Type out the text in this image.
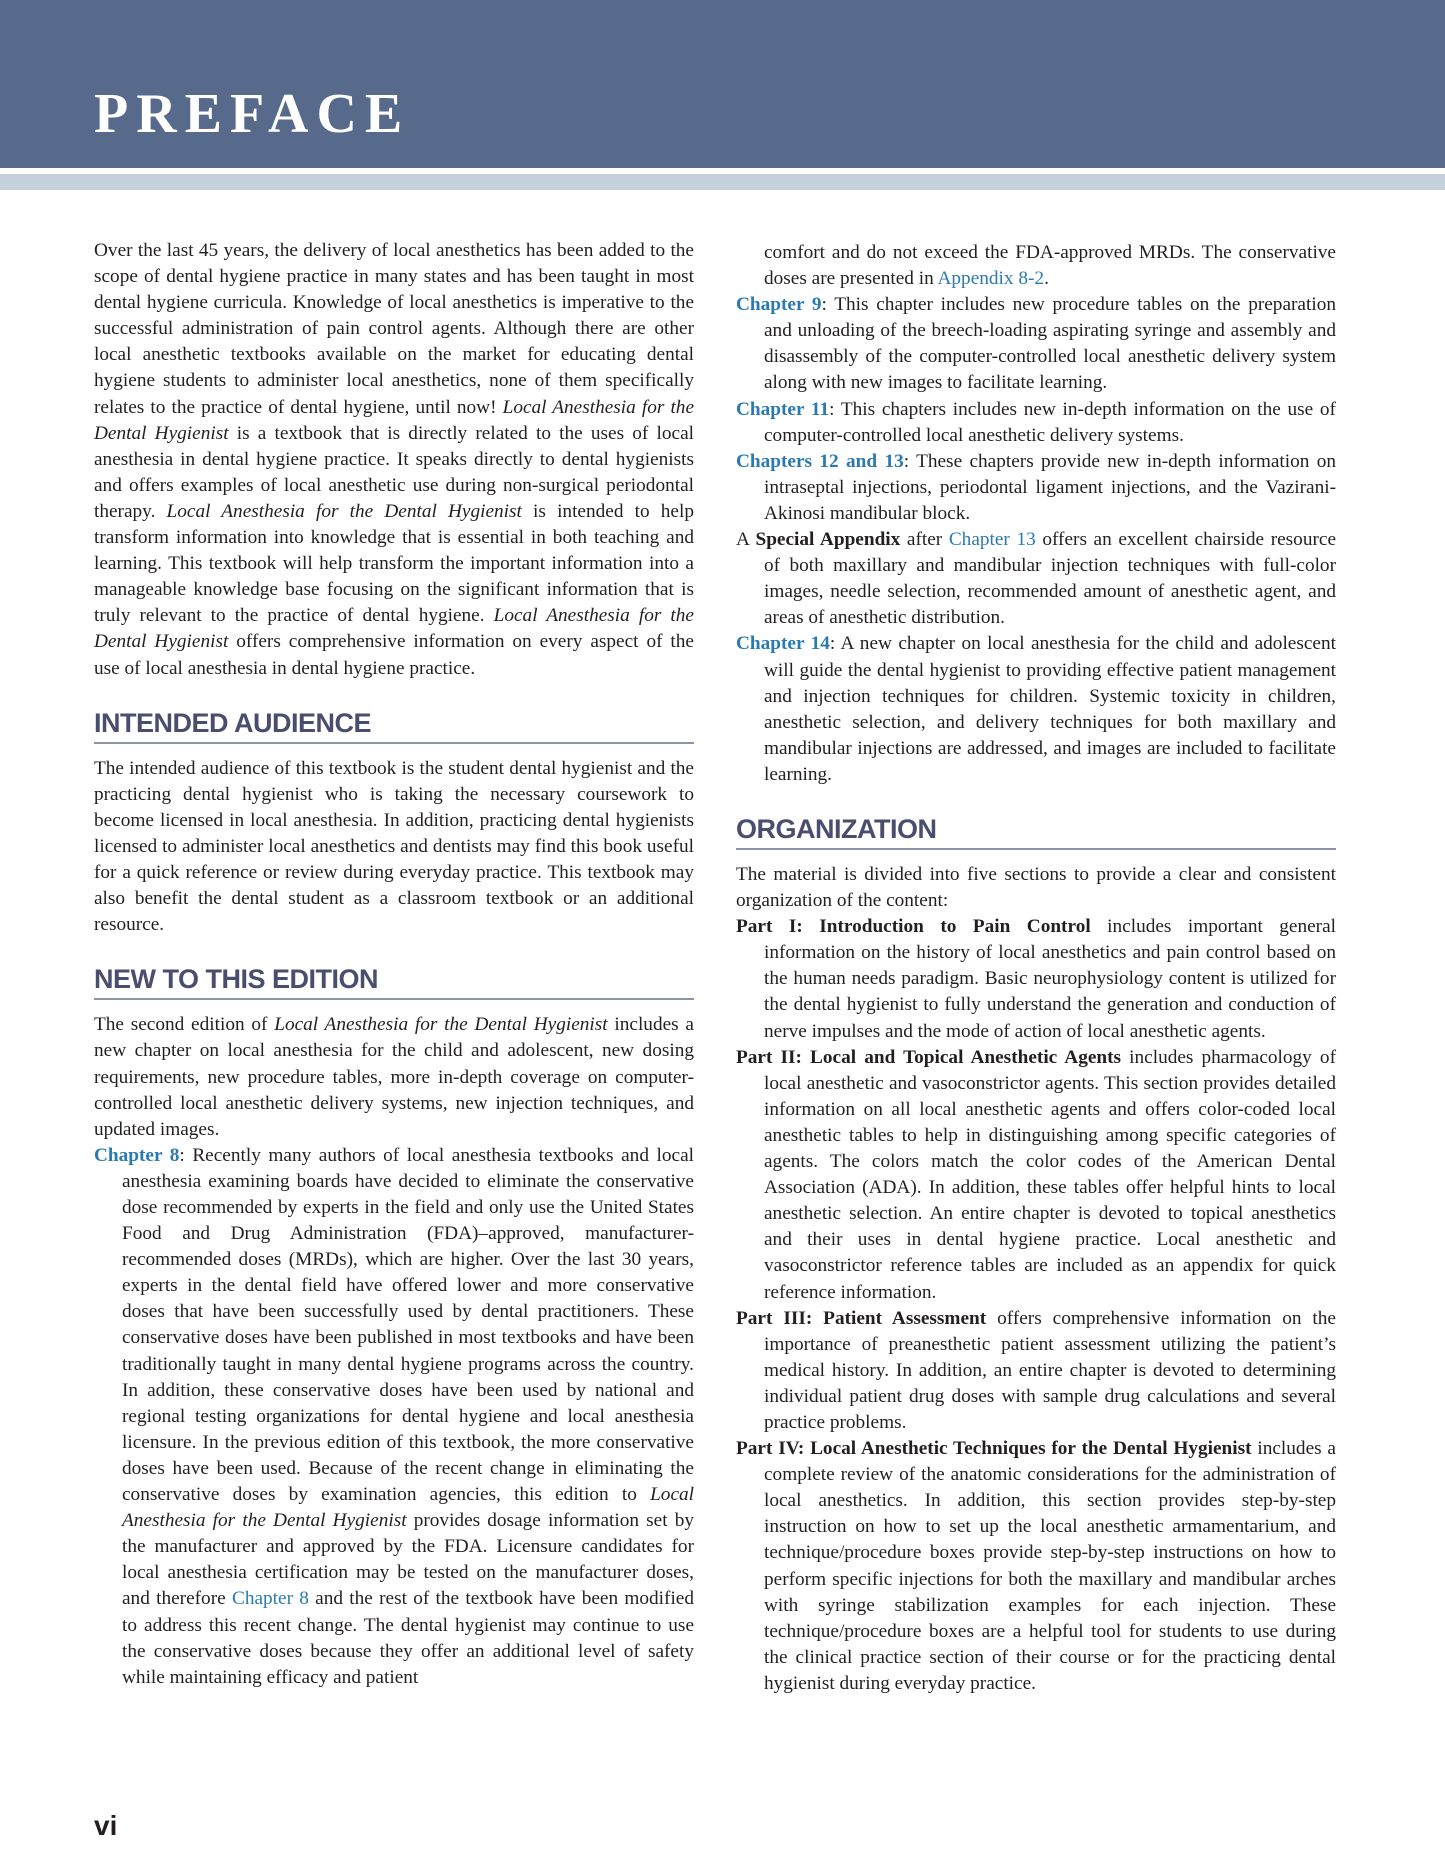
PREFACE

Over the last 45 years, the delivery of local anesthetics has been added to the scope of dental hygiene practice in many states and has been taught in most dental hygiene curricula. Knowledge of local anesthetics is imperative to the successful administration of pain control agents. Although there are other local anesthetic textbooks available on the market for educating dental hygiene students to administer local anesthetics, none of them specifically relates to the practice of dental hygiene, until now! Local Anesthesia for the Dental Hygienist is a textbook that is directly related to the uses of local anesthesia in dental hygiene practice. It speaks directly to dental hygienists and offers examples of local anesthetic use during non-surgical periodontal therapy. Local Anesthesia for the Dental Hygienist is intended to help transform information into knowledge that is essential in both teaching and learning. This textbook will help transform the important information into a manageable knowledge base focusing on the significant information that is truly relevant to the practice of dental hygiene. Local Anesthesia for the Dental Hygienist offers comprehensive information on every aspect of the use of local anesthesia in dental hygiene practice.

INTENDED AUDIENCE

The intended audience of this textbook is the student dental hygienist and the practicing dental hygienist who is taking the necessary coursework to become licensed in local anesthesia. In addition, practicing dental hygienists licensed to administer local anesthetics and dentists may find this book useful for a quick reference or review during everyday practice. This textbook may also benefit the dental student as a classroom textbook or an additional resource.

NEW TO THIS EDITION

The second edition of Local Anesthesia for the Dental Hygienist includes a new chapter on local anesthesia for the child and adolescent, new dosing requirements, new procedure tables, more in-depth coverage on computer-controlled local anesthetic delivery systems, new injection techniques, and updated images.

Chapter 8: Recently many authors of local anesthesia textbooks and local anesthesia examining boards have decided to eliminate the conservative dose recommended by experts in the field and only use the United States Food and Drug Administration (FDA)–approved, manufacturer-recommended doses (MRDs), which are higher. Over the last 30 years, experts in the dental field have offered lower and more conservative doses that have been successfully used by dental practitioners. These conservative doses have been published in most textbooks and have been traditionally taught in many dental hygiene programs across the country. In addition, these conservative doses have been used by national and regional testing organizations for dental hygiene and local anesthesia licensure. In the previous edition of this textbook, the more conservative doses have been used. Because of the recent change in eliminating the conservative doses by examination agencies, this edition to Local Anesthesia for the Dental Hygienist provides dosage information set by the manufacturer and approved by the FDA. Licensure candidates for local anesthesia certification may be tested on the manufacturer doses, and therefore Chapter 8 and the rest of the textbook have been modified to address this recent change. The dental hygienist may continue to use the conservative doses because they offer an additional level of safety while maintaining efficacy and patient

comfort and do not exceed the FDA-approved MRDs. The conservative doses are presented in Appendix 8-2.

Chapter 9: This chapter includes new procedure tables on the preparation and unloading of the breech-loading aspirating syringe and assembly and disassembly of the computer-controlled local anesthetic delivery system along with new images to facilitate learning.

Chapter 11: This chapters includes new in-depth information on the use of computer-controlled local anesthetic delivery systems.

Chapters 12 and 13: These chapters provide new in-depth information on intraseptal injections, periodontal ligament injections, and the Vazirani-Akinosi mandibular block.

A Special Appendix after Chapter 13 offers an excellent chairside resource of both maxillary and mandibular injection techniques with full-color images, needle selection, recommended amount of anesthetic agent, and areas of anesthetic distribution.

Chapter 14: A new chapter on local anesthesia for the child and adolescent will guide the dental hygienist to providing effective patient management and injection techniques for children. Systemic toxicity in children, anesthetic selection, and delivery techniques for both maxillary and mandibular injections are addressed, and images are included to facilitate learning.

ORGANIZATION

The material is divided into five sections to provide a clear and consistent organization of the content:

Part I: Introduction to Pain Control includes important general information on the history of local anesthetics and pain control based on the human needs paradigm. Basic neurophysiology content is utilized for the dental hygienist to fully understand the generation and conduction of nerve impulses and the mode of action of local anesthetic agents.

Part II: Local and Topical Anesthetic Agents includes pharmacology of local anesthetic and vasoconstrictor agents. This section provides detailed information on all local anesthetic agents and offers color-coded local anesthetic tables to help in distinguishing among specific categories of agents. The colors match the color codes of the American Dental Association (ADA). In addition, these tables offer helpful hints to local anesthetic selection. An entire chapter is devoted to topical anesthetics and their uses in dental hygiene practice. Local anesthetic and vasoconstrictor reference tables are included as an appendix for quick reference information.

Part III: Patient Assessment offers comprehensive information on the importance of preanesthetic patient assessment utilizing the patient’s medical history. In addition, an entire chapter is devoted to determining individual patient drug doses with sample drug calculations and several practice problems.

Part IV: Local Anesthetic Techniques for the Dental Hygienist includes a complete review of the anatomic considerations for the administration of local anesthetics. In addition, this section provides step-by-step instruction on how to set up the local anesthetic armamentarium, and technique/procedure boxes provide step-by-step instructions on how to perform specific injections for both the maxillary and mandibular arches with syringe stabilization examples for each injection. These technique/procedure boxes are a helpful tool for students to use during the clinical practice section of their course or for the practicing dental hygienist during everyday practice.

vi
